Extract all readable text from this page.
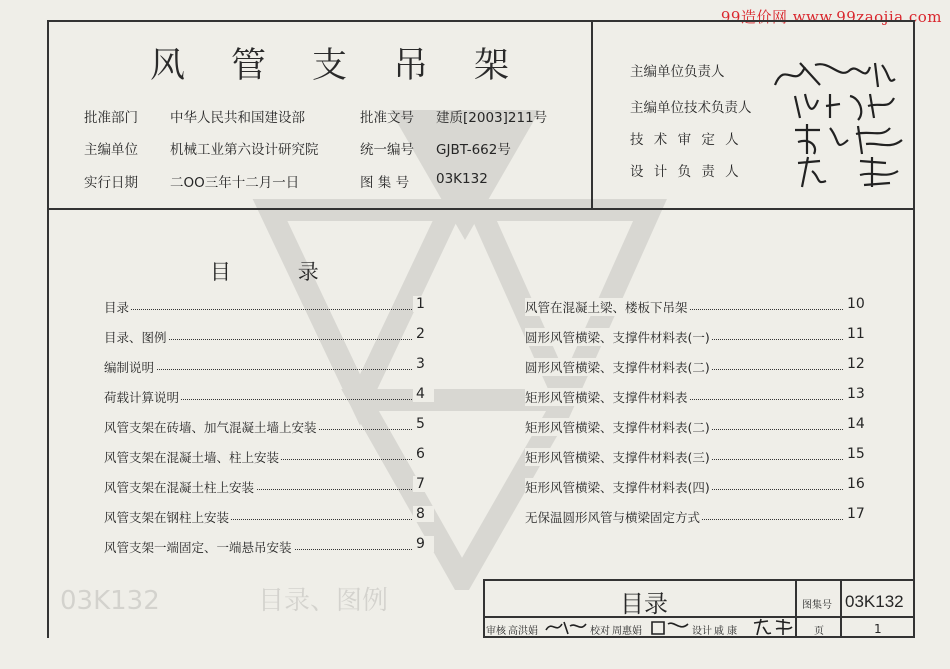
99造价网 www.99zaojia.com
03K132	目录、图例
风管支吊架
批准部门 中华人民共和国建设部	批准文号 建质[2003]211号
主编单位 机械工业第六设计研究院	统一编号 GJBT-662号
实行日期 二OO三年十二月一日	图 集 号 03K132
主编单位负责人
主编单位技术负责人
技 术 审 定 人
设 计 负 责 人
目          录
目录	1
目录、图例	2
编制说明	3
荷载计算说明	4
风管支架在砖墙、加气混凝土墙上安装	5
风管支架在混凝土墙、柱上安装	6
风管支架在混凝土柱上安装	7
风管支架在钢柱上安装	8
风管支架一端固定、一端悬吊安装	9
风管在混凝土梁、楼板下吊架	10
圆形风管横梁、支撑件材料表(一)	11
圆形风管横梁、支撑件材料表(二)	12
矩形风管横梁、支撑件材料表	13
矩形风管横梁、支撑件材料表(二)	14
矩形风管横梁、支撑件材料表(三)	15
矩形风管横梁、支撑件材料表(四)	16
无保温圆形风管与横梁固定方式	17
目录	图集号 03K132
审核 高洪娟	校对 周惠娟	设计 戚 康	页	1
